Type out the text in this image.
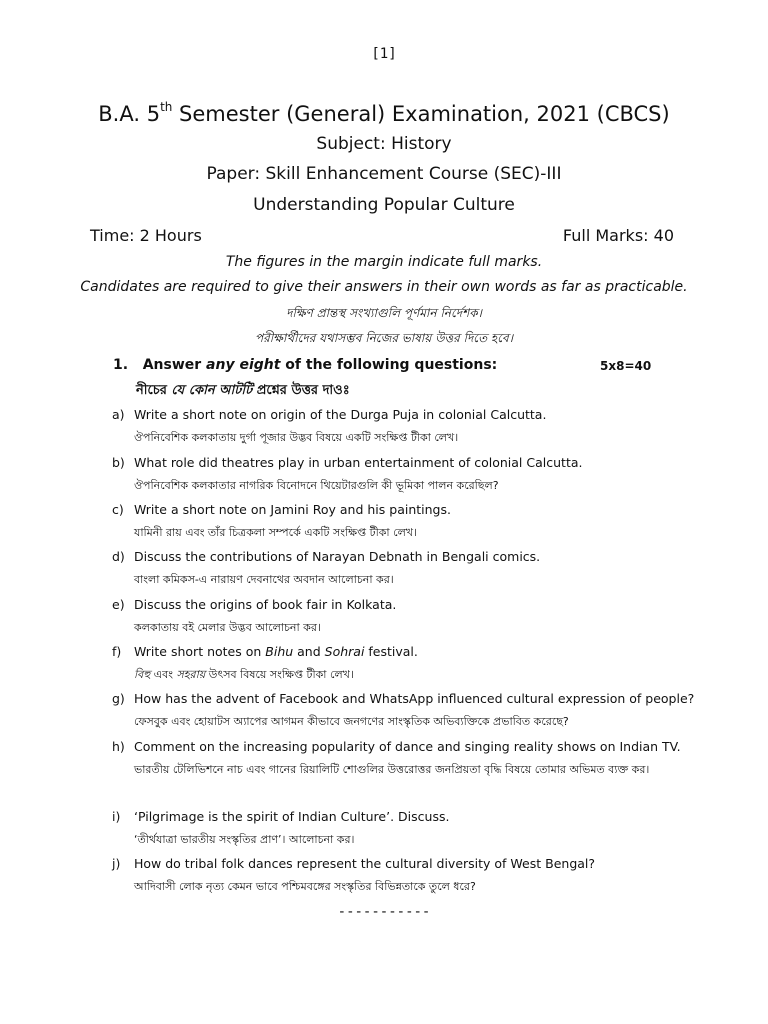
[1]
B.A. 5th Semester (General) Examination, 2021 (CBCS)
Subject: History
Paper: Skill Enhancement Course (SEC)-III
Understanding Popular Culture
Time: 2 Hours	Full Marks: 40
The figures in the margin indicate full marks.
Candidates are required to give their answers in their own words as far as practicable.
দক্ষিণ প্রান্তস্থ সংখ্যাগুলি পূর্ণমান নির্দেশক।
পরীক্ষার্থীদের যথাসম্ভব নিজের ভাষায় উত্তর দিতে হবে।
1. Answer any eight of the following questions:	5x8=40
নীচের যে কোন আটটি প্রশ্নের উত্তর দাওঃ
a) Write a short note on origin of the Durga Puja in colonial Calcutta.
ঔপনিবেশিক কলকাতায় দুর্গা পূজার উদ্ভব বিষয়ে একটি সংক্ষিপ্ত টীকা লেখ।
b) What role did theatres play in urban entertainment of colonial Calcutta.
ঔপনিবেশিক কলকাতার নাগরিক বিনোদনে থিয়েটারগুলি কী ভূমিকা পালন করেছিল?
c) Write a short note on Jamini Roy and his paintings.
যামিনী রায় এবং তাঁর চিত্রকলা সম্পর্কে একটি সংক্ষিপ্ত টীকা লেখ।
d) Discuss the contributions of Narayan Debnath in Bengali comics.
বাংলা কমিকস-এ নারায়ণ দেবনাথের অবদান আলোচনা কর।
e) Discuss the origins of book fair in Kolkata.
কলকাতায় বই মেলার উদ্ভব আলোচনা কর।
f) Write short notes on Bihu and Sohrai festival.
বিহু এবং সহরায় উৎসব বিষয়ে সংক্ষিপ্ত টীকা লেখ।
g) How has the advent of Facebook and WhatsApp influenced cultural expression of people?
ফেসবুক এবং হোয়াটস অ্যাপের আগমন কীভাবে জনগণের সাংস্কৃতিক অভিব্যক্তিকে প্রভাবিত করেছে?
h) Comment on the increasing popularity of dance and singing reality shows on Indian TV.
ভারতীয় টেলিভিশনে নাচ এবং গানের রিয়ালিটি শোগুলির উত্তরোত্তর জনপ্রিয়তা বৃদ্ধি বিষয়ে তোমার অভিমত ব্যক্ত কর।
i) ‘Pilgrimage is the spirit of Indian Culture’. Discuss.
‘তীর্থযাত্রা ভারতীয় সংস্কৃতির প্রাণ’। আলোচনা কর।
j) How do tribal folk dances represent the cultural diversity of West Bengal?
আদিবাসী লোক নৃত্য কেমন ভাবে পশ্চিমবঙ্গের সংস্কৃতির বিভিন্নতাকে তুলে ধরে?
-----------
